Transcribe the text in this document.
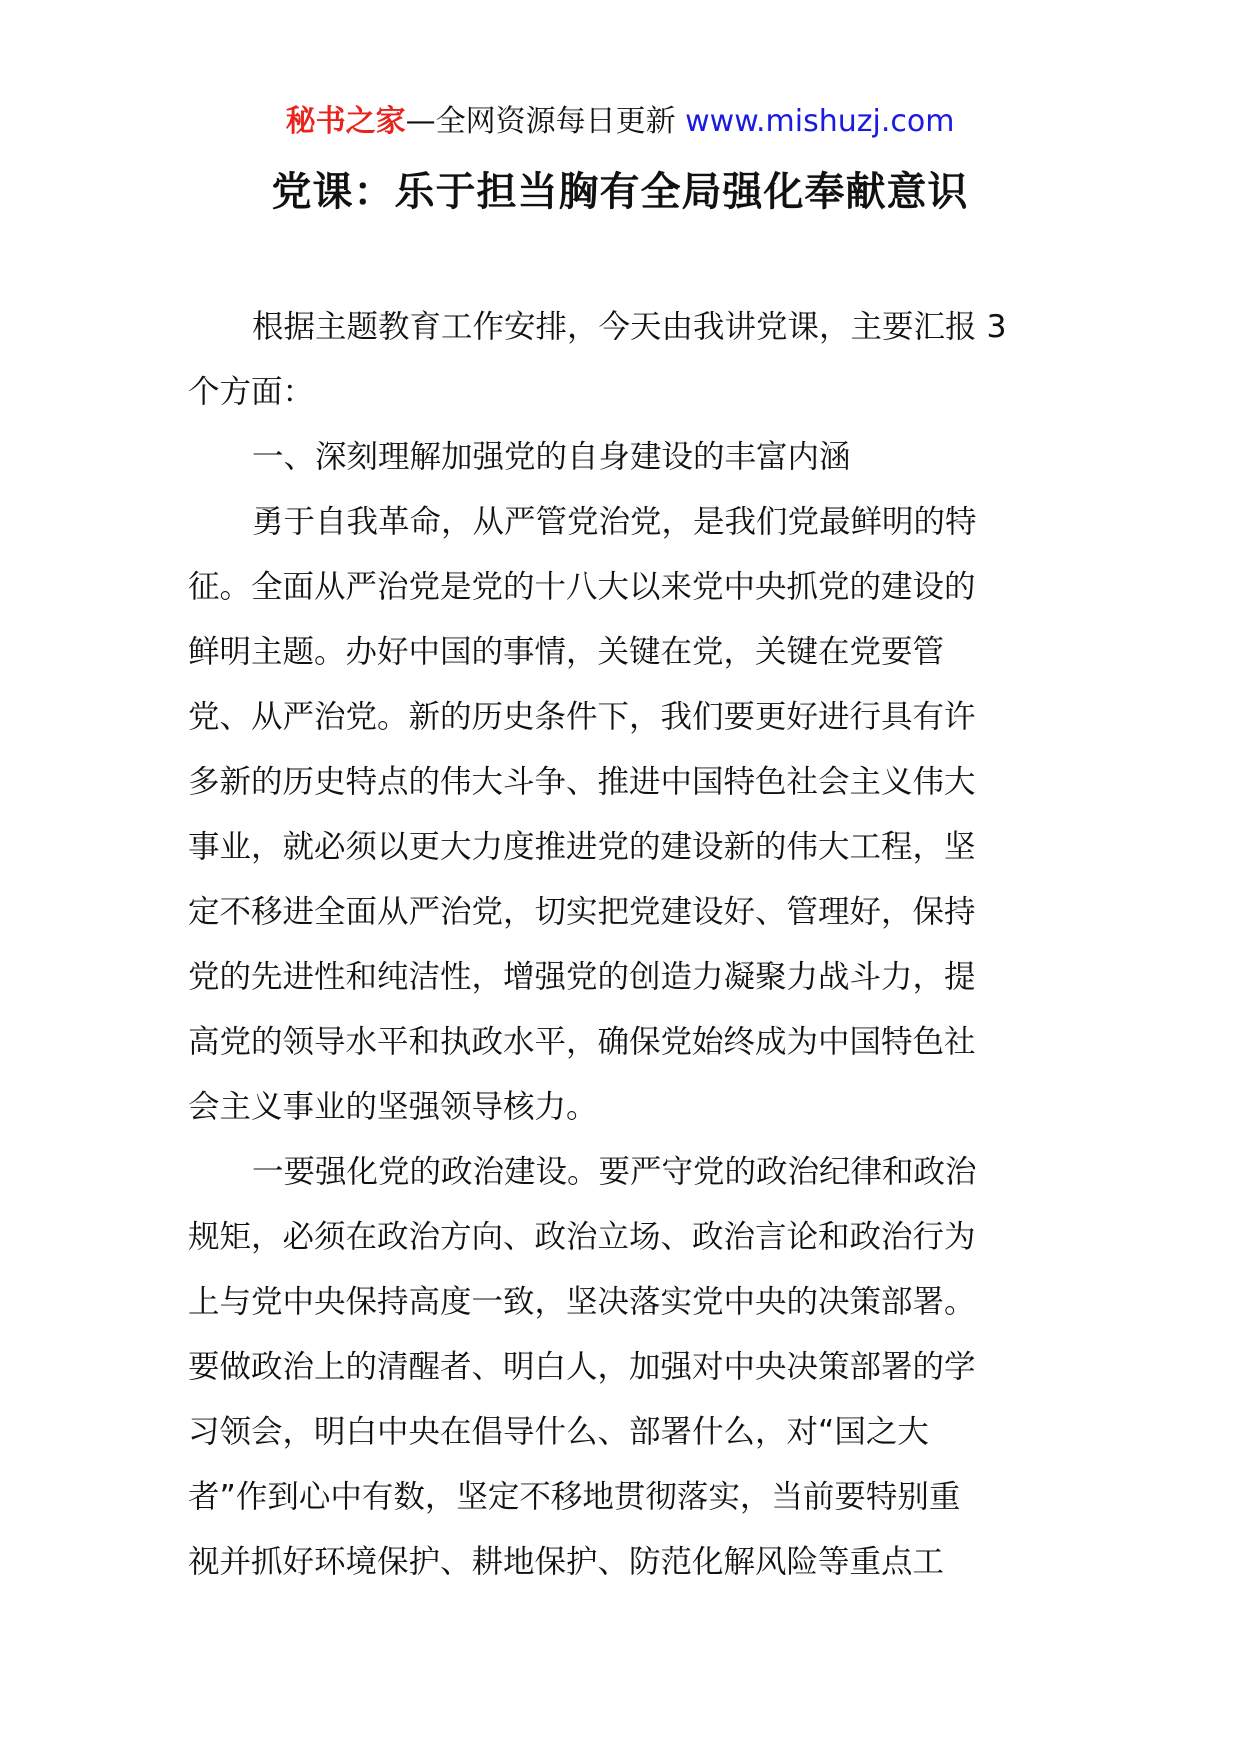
秘书之家—全网资源每日更新 www.mishuzj.com
党课：乐于担当胸有全局强化奉献意识
根据主题教育工作安排，今天由我讲党课，主要汇报 3
个方面：
一、深刻理解加强党的自身建设的丰富内涵
勇于自我革命，从严管党治党，是我们党最鲜明的特
征。全面从严治党是党的十八大以来党中央抓党的建设的
鲜明主题。办好中国的事情，关键在党，关键在党要管
党、从严治党。新的历史条件下，我们要更好进行具有许
多新的历史特点的伟大斗争、推进中国特色社会主义伟大
事业，就必须以更大力度推进党的建设新的伟大工程，坚
定不移进全面从严治党，切实把党建设好、管理好，保持
党的先进性和纯洁性，增强党的创造力凝聚力战斗力，提
高党的领导水平和执政水平，确保党始终成为中国特色社
会主义事业的坚强领导核力。
一要强化党的政治建设。要严守党的政治纪律和政治
规矩，必须在政治方向、政治立场、政治言论和政治行为
上与党中央保持高度一致，坚决落实党中央的决策部署。
要做政治上的清醒者、明白人，加强对中央决策部署的学
习领会，明白中央在倡导什么、部署什么，对“国之大
者”作到心中有数，坚定不移地贯彻落实，当前要特别重
视并抓好环境保护、耕地保护、防范化解风险等重点工
